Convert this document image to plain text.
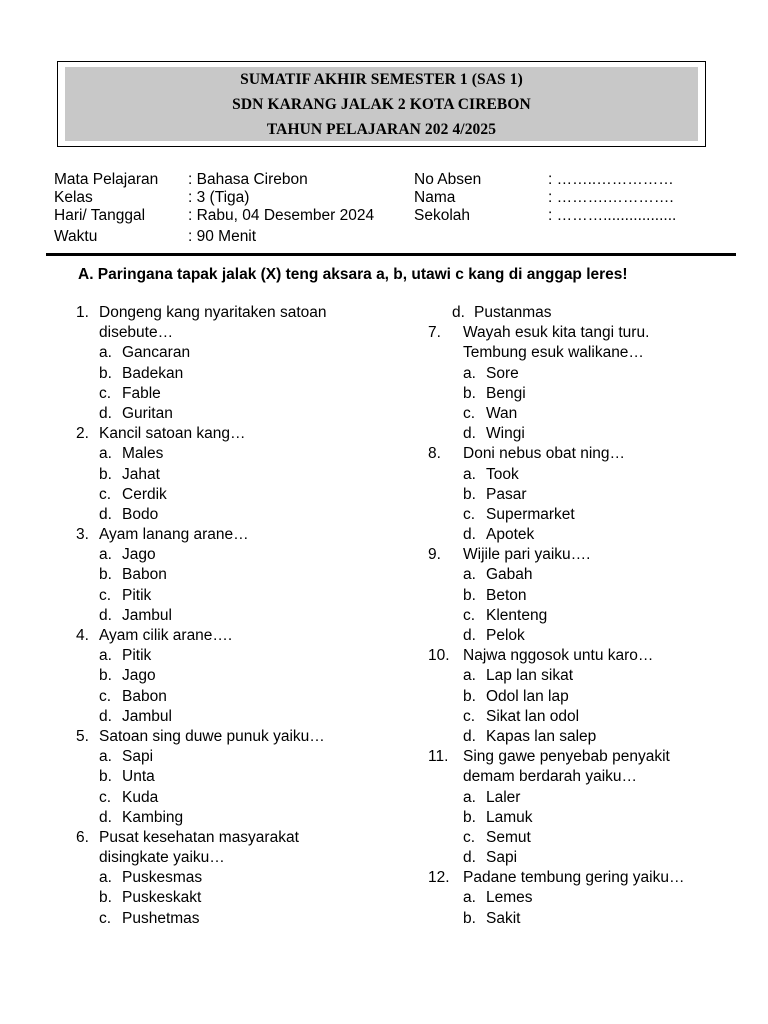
SUMATIF AKHIR SEMESTER 1 (SAS 1)
SDN KARANG JALAK 2 KOTA CIREBON
TAHUN PELAJARAN 202 4/2025
Mata Pelajaran : Bahasa Cirebon
Kelas	: 3 (Tiga)
Hari/ Tanggal	: Rabu, 04 Desember 2024
Waktu	: 90 Menit
No Absen	: ……..……………
Nama	: ……….………….
Sekolah	: ……….................
A. Paringana tapak jalak (X) teng aksara a, b, utawi c kang di anggap leres!
1. Dongeng kang nyaritaken satoan
disebute…
a. Gancaran
b. Badekan
c. Fable
d. Guritan
2. Kancil satoan kang…
a. Males
b. Jahat
c. Cerdik
d. Bodo
3. Ayam lanang arane…
a. Jago
b. Babon
c. Pitik
d. Jambul
4. Ayam cilik arane….
a. Pitik
b. Jago
c. Babon
d. Jambul
5. Satoan sing duwe punuk yaiku…
a. Sapi
b. Unta
c. Kuda
d. Kambing
6. Pusat kesehatan masyarakat
disingkate yaiku…
a. Puskesmas
b. Puskeskakt
c. Pushetmas
d. Pustanmas
7. Wayah esuk kita tangi turu.
Tembung esuk walikane…
a. Sore
b. Bengi
c. Wan
d. Wingi
8. Doni nebus obat ning…
a. Took
b. Pasar
c. Supermarket
d. Apotek
9. Wijile pari yaiku….
a. Gabah
b. Beton
c. Klenteng
d. Pelok
10. Najwa nggosok untu karo…
a. Lap lan sikat
b. Odol lan lap
c. Sikat lan odol
d. Kapas lan salep
11. Sing gawe penyebab penyakit
demam berdarah yaiku…
a. Laler
b. Lamuk
c. Semut
d. Sapi
12. Padane tembung gering yaiku…
a. Lemes
b. Sakit
